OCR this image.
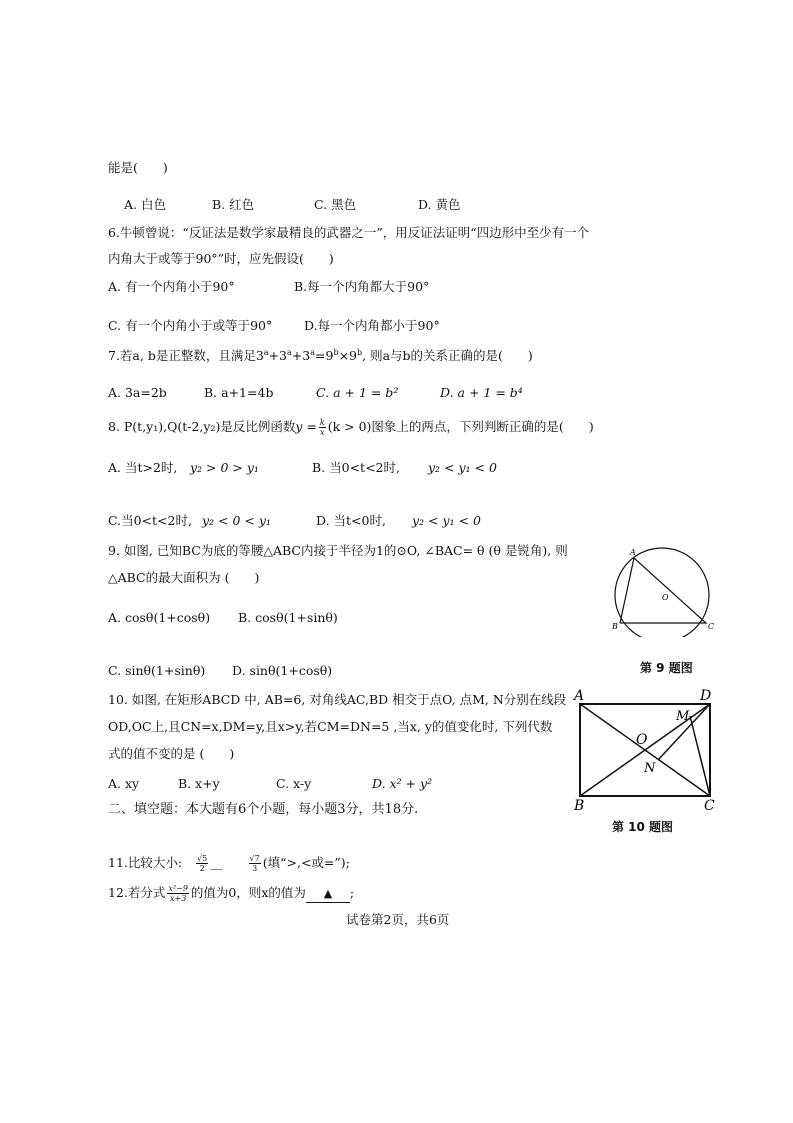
能是(　　)
A. 白色	B. 红色	C. 黑色	D. 黄色
6.牛顿曾说：“反证法是数学家最精良的武器之一”，用反证法证明“四边形中至少有一个
内角大于或等于90°”时，应先假设(　　)
A. 有一个内角小于90°	B.每一个内角都大于90°
C. 有一个内角小于或等于90°	D.每一个内角都小于90°
7.若a, b是正整数，且满足$3^a+3^a+3^a=9^b\times 9^b$, 则a与b的关系正确的是(　　)
A. 3a=2b	B. a+1=4b	C. a + 1 = b²	D. a + 1 = b⁴
8. P(t,y₁),Q(t-2,y₂)是反比例函数$y = \frac{k}{x} (k > 0)$图象上的两点，下列判断正确的是(　　)
A. 当t>2时, y₂ > 0 > y₁	B. 当0<t<2时, y₂ < y₁ < 0
C.当0<t<2时, y₂ < 0 < y₁	D. 当t<0时, y₂ < y₁ < 0
9. 如图, 已知BC为底的等腰△ABC内接于半径为1的⊙O, ∠BAC= θ (θ 是锐角), 则
△ABC的最大面积为 (　　)
A. cosθ(1+cosθ) B. cosθ(1+sinθ)
C. sinθ(1+sinθ) D. sinθ(1+cosθ)
A
B	C
O
第 9 题图
10. 如图, 在矩形ABCD 中, AB=6, 对角线AC,BD 相交于点O, 点M, N分别在线段
OD,OC上,且CN=x,DM=y,且x>y,若CM=DN=5 ,当x, y的值变化时, 下列代数
式的值不变的是 (　　)
A. xy	B. x+y	C. x-y	D. x² + y²
A	D
B	C
O
M
N
第 10 题图
二、填空题：本大题有6个小题，每小题3分，共18分.
11.比较大小: $\frac{√5}{2}$ __	$\frac{√7}{3}$ (填“>,<或=”);
12.若分式 $\frac{\text{x²−9}}{x+3}$ 的值为0，则x的值为 ▲ ;
试卷第2页，共6页
